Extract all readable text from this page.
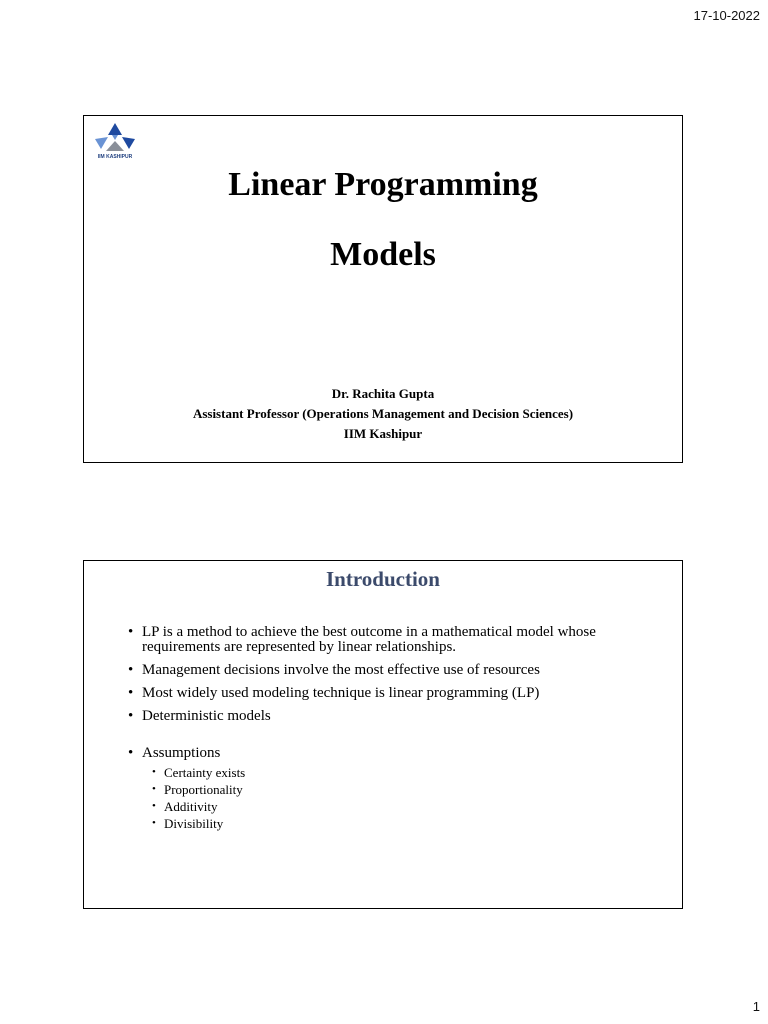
17-10-2022
IIM KASHIPUR
Linear Programming
Models
Dr. Rachita Gupta
Assistant Professor (Operations Management and Decision Sciences)
IIM Kashipur
Introduction
• LP is a method to achieve the best outcome in a mathematical model whose requirements are represented by linear relationships.
• Management decisions involve the most effective use of resources
• Most widely used modeling technique is linear programming (LP)
• Deterministic models
• Assumptions
• Certainty exists
• Proportionality
• Additivity
• Divisibility
1
